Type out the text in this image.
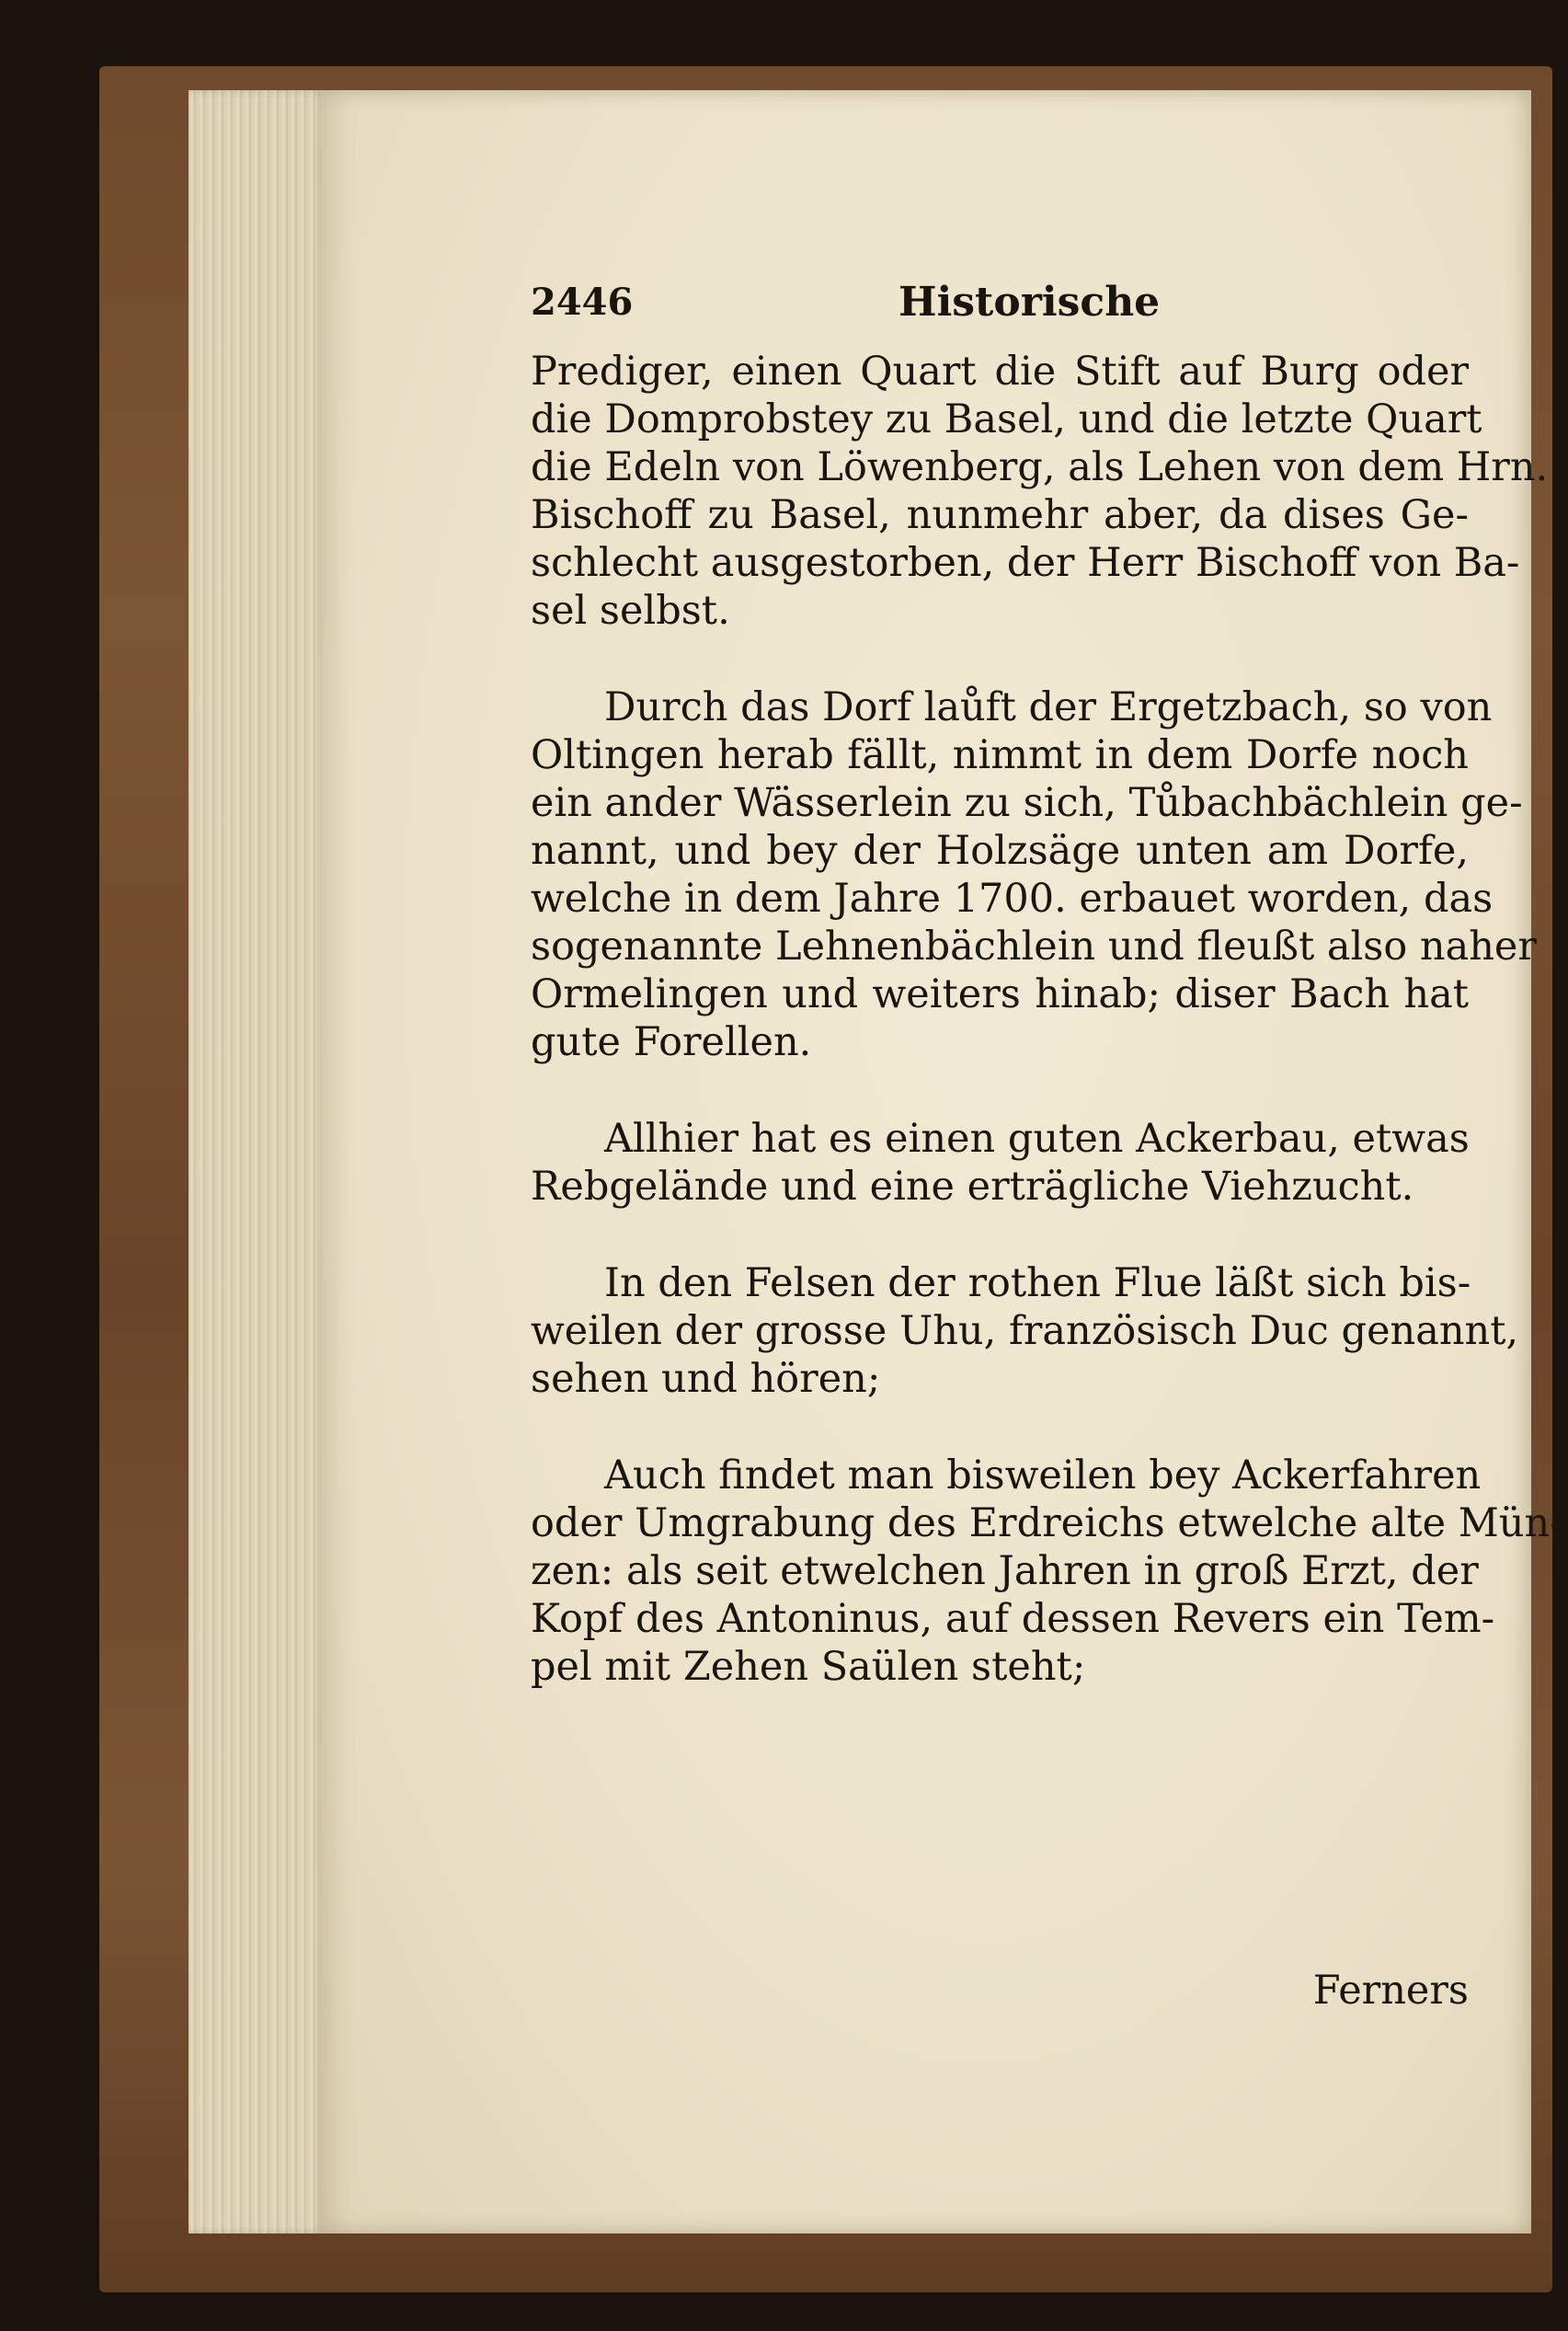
2446	Historische
Prediger, einen Quart die Stift auf Burg oder
die Domprobstey zu Basel, und die letzte Quart
die Edeln von Löwenberg, als Lehen von dem Hrn.
Bischoff zu Basel, nunmehr aber, da dises Ge-
schlecht ausgestorben, der Herr Bischoff von Ba-
sel selbst.
Durch das Dorf laůft der Ergetzbach, so von
Oltingen herab fällt, nimmt in dem Dorfe noch
ein ander Wässerlein zu sich, Tůbachbächlein ge-
nannt, und bey der Holzsäge unten am Dorfe,
welche in dem Jahre 1700. erbauet worden, das
sogenannte Lehnenbächlein und fleußt also naher
Ormelingen und weiters hinab; diser Bach hat
gute Forellen.
Allhier hat es einen guten Ackerbau, etwas
Rebgelände und eine erträgliche Viehzucht.
In den Felsen der rothen Flue läßt sich bis-
weilen der grosse Uhu, französisch Duc genannt,
sehen und hören;
Auch findet man bisweilen bey Ackerfahren
oder Umgrabung des Erdreichs etwelche alte Mün-
zen: als seit etwelchen Jahren in groß Erzt, der
Kopf des Antoninus, auf dessen Revers ein Tem-
pel mit Zehen Saülen steht;
Ferners
